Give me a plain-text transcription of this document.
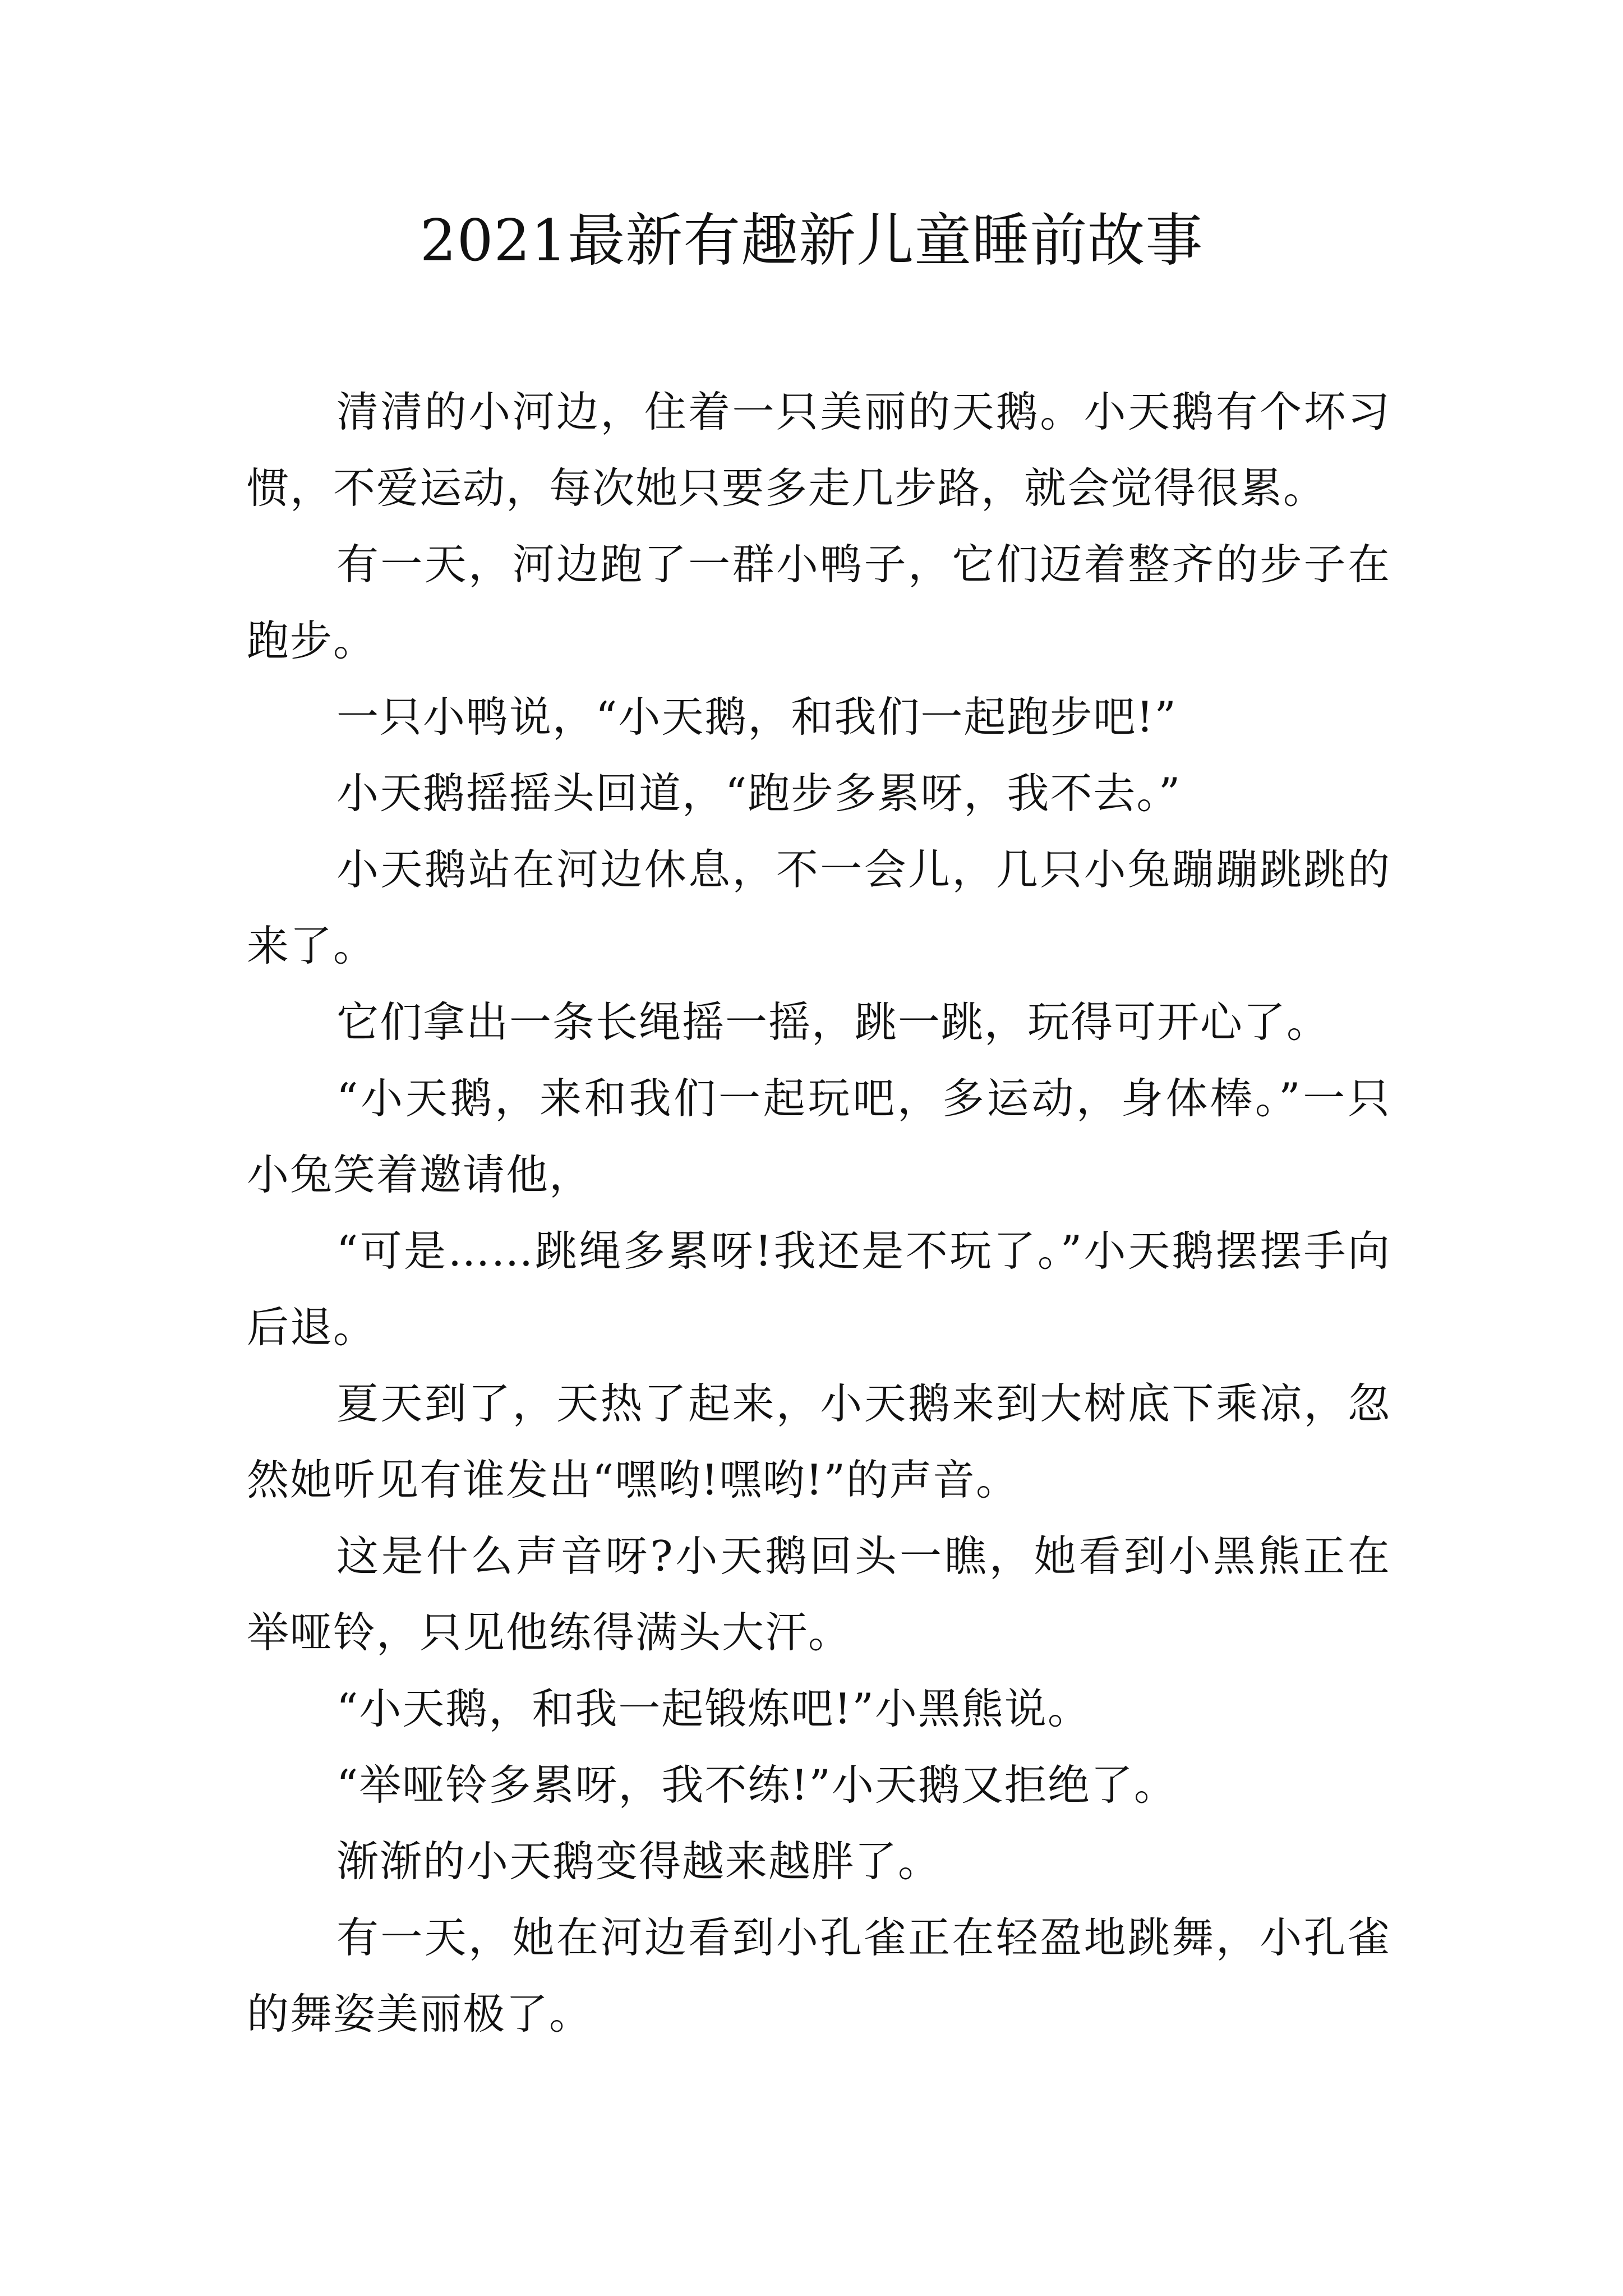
2021最新有趣新儿童睡前故事

清清的小河边，住着一只美丽的天鹅。小天鹅有个坏习惯，不爱运动，每次她只要多走几步路，就会觉得很累。

有一天，河边跑了一群小鸭子，它们迈着整齐的步子在跑步。

一只小鸭说，“小天鹅，和我们一起跑步吧!”

小天鹅摇摇头回道，“跑步多累呀，我不去。”

小天鹅站在河边休息，不一会儿，几只小兔蹦蹦跳跳的来了。

它们拿出一条长绳摇一摇，跳一跳，玩得可开心了。

“小天鹅，来和我们一起玩吧，多运动，身体棒。”一只小兔笑着邀请他，

“可是……跳绳多累呀!我还是不玩了。”小天鹅摆摆手向后退。

夏天到了，天热了起来，小天鹅来到大树底下乘凉，忽然她听见有谁发出“嘿哟!嘿哟!”的声音。

这是什么声音呀?小天鹅回头一瞧，她看到小黑熊正在举哑铃，只见他练得满头大汗。

“小天鹅，和我一起锻炼吧!”小黑熊说。

“举哑铃多累呀，我不练!”小天鹅又拒绝了。

渐渐的小天鹅变得越来越胖了。

有一天，她在河边看到小孔雀正在轻盈地跳舞，小孔雀的舞姿美丽极了。
